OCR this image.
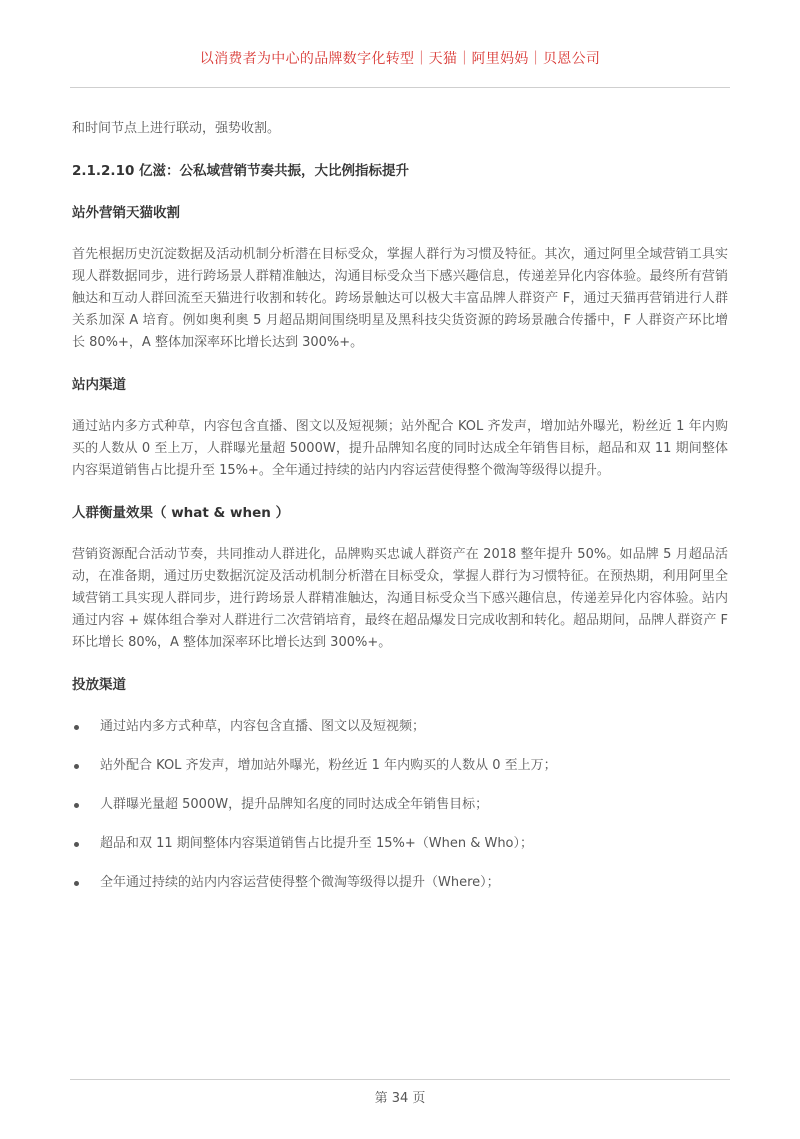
以消费者为中心的品牌数字化转型｜天猫｜阿里妈妈｜贝恩公司

和时间节点上进行联动，强势收割。

2.1.2.10 亿滋：公私域营销节奏共振，大比例指标提升

站外营销天猫收割

首先根据历史沉淀数据及活动机制分析潜在目标受众，掌握人群行为习惯及特征。其次，通过阿里全域营销工具实现人群数据同步，进行跨场景人群精准触达，沟通目标受众当下感兴趣信息，传递差异化内容体验。最终所有营销触达和互动人群回流至天猫进行收割和转化。跨场景触达可以极大丰富品牌人群资产 F，通过天猫再营销进行人群关系加深 A 培育。例如奥利奥 5 月超品期间围绕明星及黑科技尖货资源的跨场景融合传播中，F 人群资产环比增长 80%+，A 整体加深率环比增长达到 300%+。

站内渠道

通过站内多方式种草，内容包含直播、图文以及短视频；站外配合 KOL 齐发声，增加站外曝光，粉丝近 1 年内购买的人数从 0 至上万，人群曝光量超 5000W，提升品牌知名度的同时达成全年销售目标，超品和双 11 期间整体内容渠道销售占比提升至 15%+。全年通过持续的站内内容运营使得整个微淘等级得以提升。

人群衡量效果（ what & when ）

营销资源配合活动节奏，共同推动人群进化，品牌购买忠诚人群资产在 2018 整年提升 50%。如品牌 5 月超品活动，在准备期，通过历史数据沉淀及活动机制分析潜在目标受众，掌握人群行为习惯特征。在预热期，利用阿里全域营销工具实现人群同步，进行跨场景人群精准触达，沟通目标受众当下感兴趣信息，传递差异化内容体验。站内通过内容 + 媒体组合拳对人群进行二次营销培育，最终在超品爆发日完成收割和转化。超品期间，品牌人群资产 F 环比增长 80%，A 整体加深率环比增长达到 300%+。

投放渠道

通过站内多方式种草，内容包含直播、图文以及短视频；
站外配合 KOL 齐发声，增加站外曝光，粉丝近 1 年内购买的人数从 0 至上万；
人群曝光量超 5000W，提升品牌知名度的同时达成全年销售目标；
超品和双 11 期间整体内容渠道销售占比提升至 15%+（When & Who）；
全年通过持续的站内内容运营使得整个微淘等级得以提升（Where）；
第 34 页
